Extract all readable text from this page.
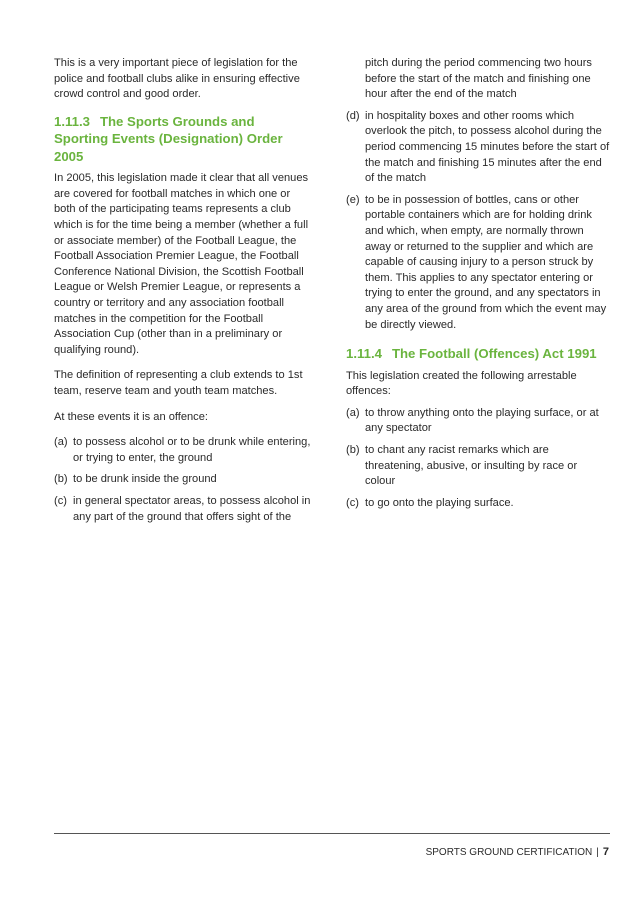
This is a very important piece of legislation for the police and football clubs alike in ensuring effective crowd control and good order.

1.11.3 The Sports Grounds and Sporting Events (Designation) Order 2005

In 2005, this legislation made it clear that all venues are covered for football matches in which one or both of the participating teams represents a club which is for the time being a member (whether a full or associate member) of the Football League, the Football Association Premier League, the Football Conference National Division, the Scottish Football League or Welsh Premier League, or represents a country or territory and any association football matches in the competition for the Football Association Cup (other than in a preliminary or qualifying round).

The definition of representing a club extends to 1st team, reserve team and youth team matches.

At these events it is an offence:

(a) to possess alcohol or to be drunk while entering, or trying to enter, the ground
(b) to be drunk inside the ground
(c) in general spectator areas, to possess alcohol in any part of the ground that offers sight of the
pitch during the period commencing two hours before the start of the match and finishing one hour after the end of the match
(d) in hospitality boxes and other rooms which overlook the pitch, to possess alcohol during the period commencing 15 minutes before the start of the match and finishing 15 minutes after the end of the match
(e) to be in possession of bottles, cans or other portable containers which are for holding drink and which, when empty, are normally thrown away or returned to the supplier and which are capable of causing injury to a person struck by them. This applies to any spectator entering or trying to enter the ground, and any spectators in any area of the ground from which the event may be directly viewed.
1.11.4 The Football (Offences) Act 1991

This legislation created the following arrestable offences:

(a) to throw anything onto the playing surface, or at any spectator
(b) to chant any racist remarks which are threatening, abusive, or insulting by race or colour
(c) to go onto the playing surface.
SPORTS GROUND CERTIFICATION | 7
